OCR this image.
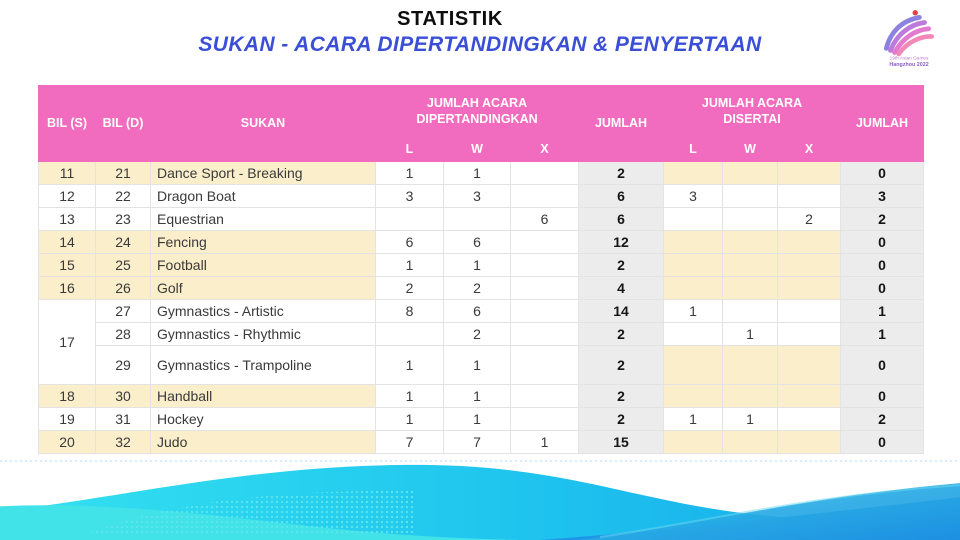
STATISTIK
SUKAN - ACARA DIPERTANDINGKAN & PENYERTAAN
19th Asian Games
Hangzhou 2022
BIL (S)	BIL (D)	SUKAN	
JUMLAH ACARA
DIPERTANDINGKAN	JUMLAH	
JUMLAH ACARA
DISERTAI	JUMLAH
			L	W	X		L	W	X	
11	21	Dance Sport - Breaking	1	1		2				0
12	22	Dragon Boat	3	3		6	3			3
13	23	Equestrian			6	6			2	2
14	24	Fencing	6	6		12				0
15	25	Football	1	1		2				0
16	26	Golf	2	2		4				0
17	27	Gymnastics - Artistic	8	6		14	1			1
	28	Gymnastics - Rhythmic		2		2		1		1
	29	Gymnastics - Trampoline	1	1		2				0
18	30	Handball	1	1		2				0
19	31	Hockey	1	1		2	1	1		2
20	32	Judo	7	7	1	15				0
